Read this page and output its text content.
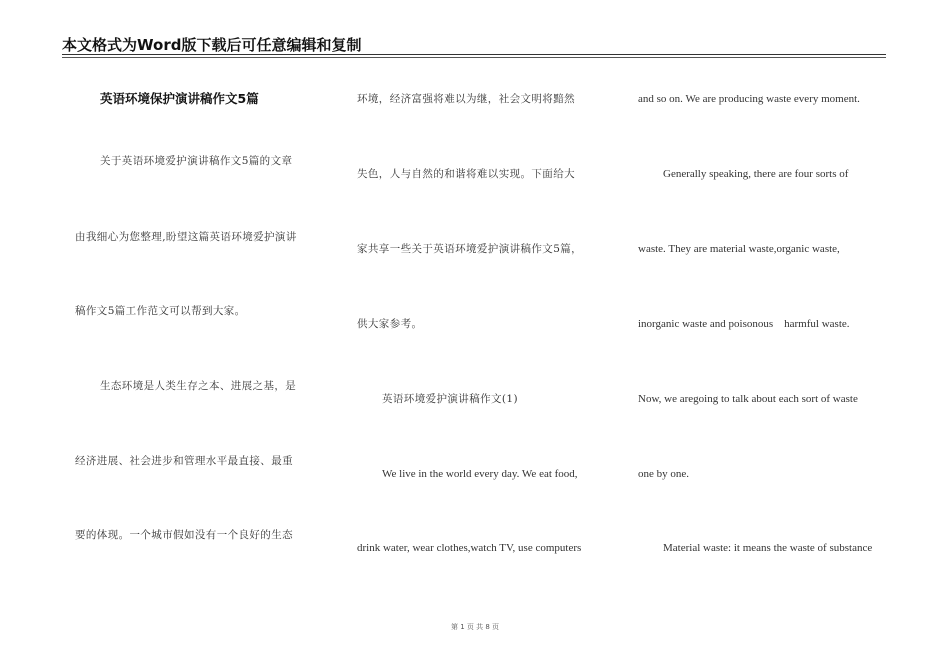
本文格式为Word版下载后可任意编辑和复制
英语环境保护演讲稿作文5篇
关于英语环境爱护演讲稿作文5篇的文章
由我细心为您整理,盼望这篇英语环境爱护演讲
稿作文5篇工作范文可以帮到大家。
生态环境是人类生存之本、进展之基，是
经济进展、社会进步和管理水平最直接、最重
要的体现。一个城市假如没有一个良好的生态
环境，经济富强将难以为继，社会文明将黯然
失色，人与自然的和谐将难以实现。下面给大
家共享一些关于英语环境爱护演讲稿作文5篇，
供大家参考。
英语环境爱护演讲稿作文(1)
We live in the world every day. We eat food,
drink water, wear clothes,watch TV, use computers
and so on. We are producing waste every moment.
Generally speaking, there are four sorts of
waste. They are material waste,organic waste,
inorganic waste and poisonous    harmful waste.
Now, we aregoing to talk about each sort of waste
one by one.
Material waste: it means the waste of substance
第 1 页 共 8 页
